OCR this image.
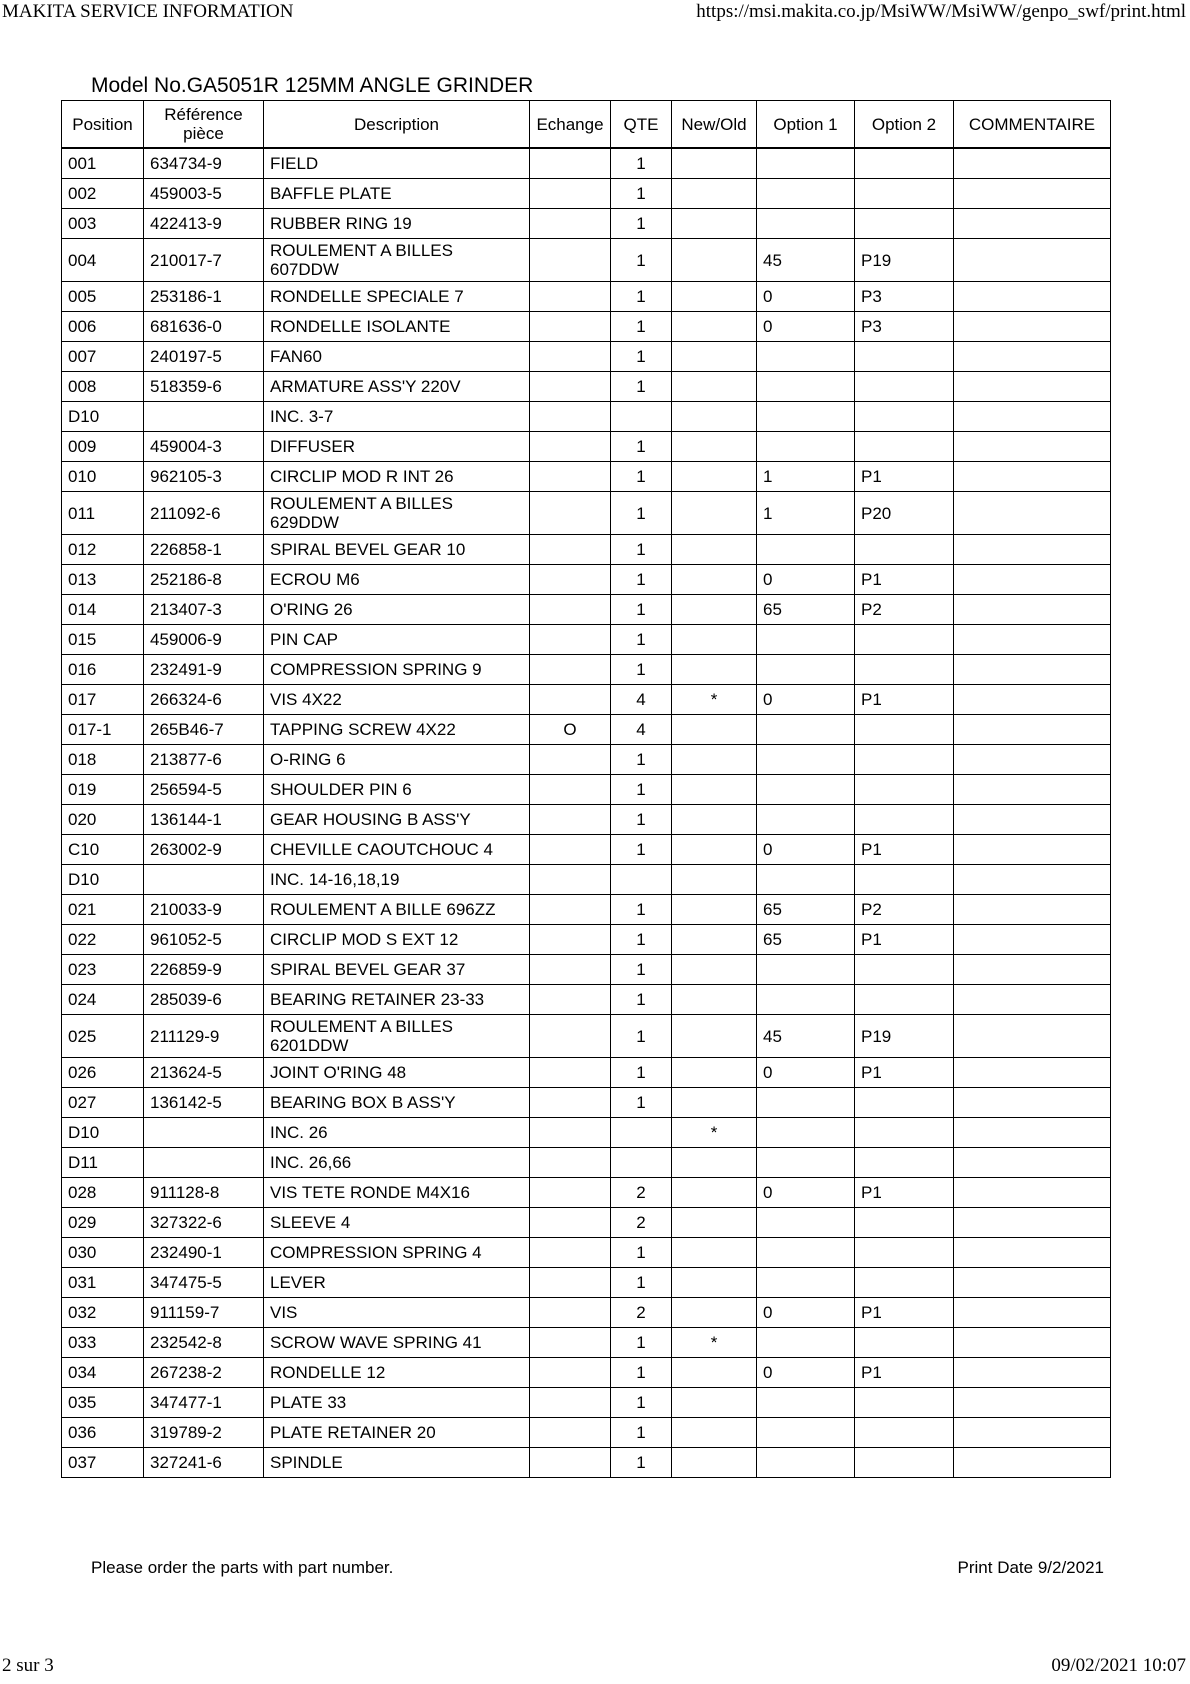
MAKITA SERVICE INFORMATION	https://msi.makita.co.jp/MsiWW/MsiWW/genpo_swf/print.html
Model No.GA5051R 125MM ANGLE GRINDER
Position	Référence pièce	Description	Echange	QTE	New/Old	Option 1	Option 2	COMMENTAIRE
001	634734-9	FIELD		1				
002	459003-5	BAFFLE PLATE		1				
003	422413-9	RUBBER RING 19		1				
004	210017-7	ROULEMENT A BILLES 607DDW		1		45	P19	
005	253186-1	RONDELLE SPECIALE 7		1		0	P3	
006	681636-0	RONDELLE ISOLANTE		1		0	P3	
007	240197-5	FAN60		1				
008	518359-6	ARMATURE ASS'Y 220V		1				
D10		INC. 3-7						
009	459004-3	DIFFUSER		1				
010	962105-3	CIRCLIP MOD R INT 26		1		1	P1	
011	211092-6	ROULEMENT A BILLES 629DDW		1		1	P20	
012	226858-1	SPIRAL BEVEL GEAR 10		1				
013	252186-8	ECROU M6		1		0	P1	
014	213407-3	O'RING 26		1		65	P2	
015	459006-9	PIN CAP		1				
016	232491-9	COMPRESSION SPRING 9		1				
017	266324-6	VIS 4X22		4	*	0	P1	
017-1	265B46-7	TAPPING SCREW 4X22	O	4				
018	213877-6	O-RING 6		1				
019	256594-5	SHOULDER PIN 6		1				
020	136144-1	GEAR HOUSING B ASS'Y		1				
C10	263002-9	CHEVILLE CAOUTCHOUC 4		1		0	P1	
D10		INC. 14-16,18,19						
021	210033-9	ROULEMENT A BILLE 696ZZ		1		65	P2	
022	961052-5	CIRCLIP MOD S EXT 12		1		65	P1	
023	226859-9	SPIRAL BEVEL GEAR 37		1				
024	285039-6	BEARING RETAINER 23-33		1				
025	211129-9	ROULEMENT A BILLES 6201DDW		1		45	P19	
026	213624-5	JOINT O'RING 48		1		0	P1	
027	136142-5	BEARING BOX B ASS'Y		1				
D10		INC. 26			*			
D11		INC. 26,66						
028	911128-8	VIS TETE RONDE M4X16		2		0	P1	
029	327322-6	SLEEVE 4		2				
030	232490-1	COMPRESSION SPRING 4		1				
031	347475-5	LEVER		1				
032	911159-7	VIS		2		0	P1	
033	232542-8	SCROW WAVE SPRING 41		1	*			
034	267238-2	RONDELLE 12		1		0	P1	
035	347477-1	PLATE 33		1				
036	319789-2	PLATE RETAINER 20		1				
037	327241-6	SPINDLE		1				
Please order the parts with part number.	Print Date 9/2/2021
2 sur 3	09/02/2021 10:07
